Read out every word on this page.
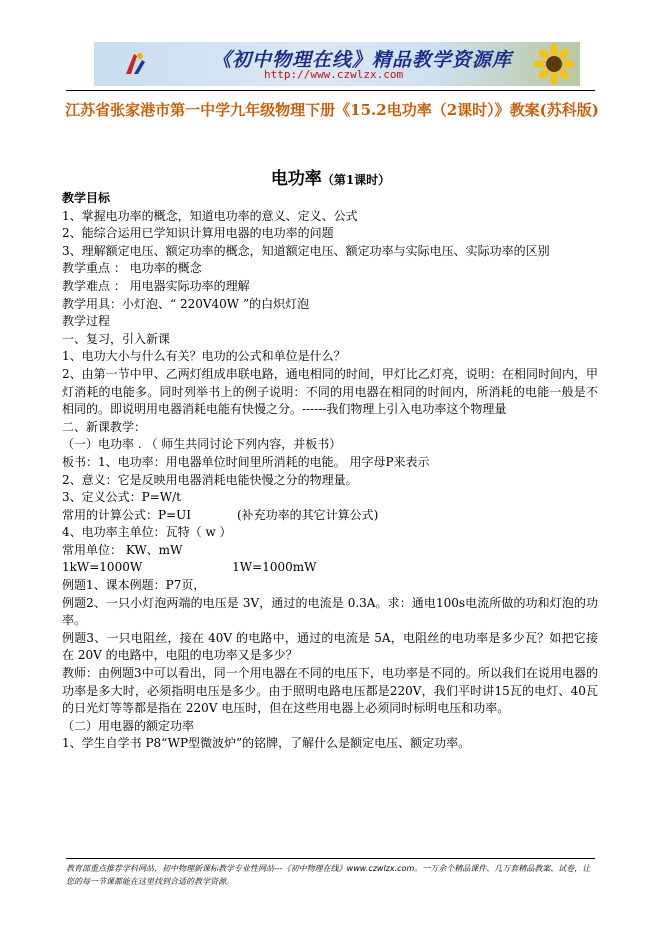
《初中物理在线》精品教学资源库
http://www.czwlzx.com
江苏省张家港市第一中学九年级物理下册《15.2电功率（2课时）》教案(苏科版)
电功率（第1课时）

教学目标

1、掌握电功率的概念，知道电功率的意义、定义、公式

2、能综合运用已学知识计算用电器的电功率的问题

3、理解额定电压、额定功率的概念，知道额定电压、额定功率与实际电压、实际功率的区别

教学重点 ： 电功率的概念

教学难点 ： 用电器实际功率的理解

教学用具：小灯泡、“ 220V40W ”的白炽灯泡

教学过程

一、复习，引入新课

1、电功大小与什么有关？电功的公式和单位是什么？

2、由第一节中甲、乙两灯组成串联电路，通电相同的时间，甲灯比乙灯亮，说明：在相同时间内，甲灯消耗的电能多。同时列举书上的例子说明：不同的用电器在相同的时间内，所消耗的电能一般是不相同的。即说明用电器消耗电能有快慢之分。------我们物理上引入电功率这个物理量

二、新课教学：

（一）电功率 . （ 师生共同讨论下列内容，并板书）

板书：1、电功率：用电器单位时间里所消耗的电能。 用字母P来表示

2、意义：它是反映用电器消耗电能快慢之分的物理量。

3、定义公式：P=W/t

常用的计算公式：P=UI	(补充功率的其它计算公式)

4、电功率主单位：瓦特（ w ）

常用单位： KW、mW

1kW=1000W	1W=1000mW

例题1、课本例题：P7页，

例题2、一只小灯泡两端的电压是 3V，通过的电流是 0.3A。求：通电100s电流所做的功和灯泡的功率。

例题3、一只电阻丝，接在 40V 的电路中，通过的电流是 5A，电阻丝的电功率是多少瓦？如把它接在 20V 的电路中，电阻的电功率又是多少？

教师：由例题3中可以看出，同一个用电器在不同的电压下，电功率是不同的。所以我们在说用电器的功率是多大时，必须指明电压是多少。由于照明电路电压都是220V，我们平时讲15瓦的电灯、40瓦的日光灯等等都是指在 220V 电压时，但在这些用电器上必须同时标明电压和功率。

（二）用电器的额定功率

1、学生自学书 P8“WP型微波炉”的铭牌，了解什么是额定电压、额定功率。

教育部重点推荐学科网站、初中物理新课标教学专业性网站---《初中物理在线》www.czwlzx.com。一万余个精品课件、几万套精品教案、试卷，让您的每一节课都能在这里找到合适的教学资源。
